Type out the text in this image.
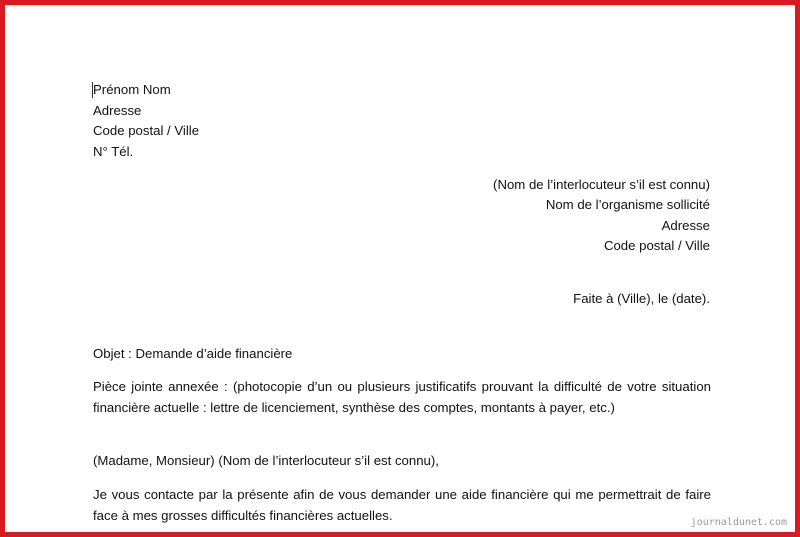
Prénom Nom
Adresse
Code postal / Ville
N° Tél.
(Nom de l’interlocuteur s’il est connu)
Nom de l’organisme sollicité
Adresse
Code postal / Ville
Faite à (Ville), le (date).
Objet : Demande d’aide financière
Pièce jointe annexée : (photocopie d’un ou plusieurs justificatifs prouvant la difficulté de votre situation
financière actuelle : lettre de licenciement, synthèse des comptes, montants à payer, etc.)
(Madame, Monsieur) (Nom de l’interlocuteur s’il est connu),
Je vous contacte par la présente afin de vous demander une aide financière qui me permettrait de faire
face à mes grosses difficultés financières actuelles.	journaldunet.com
